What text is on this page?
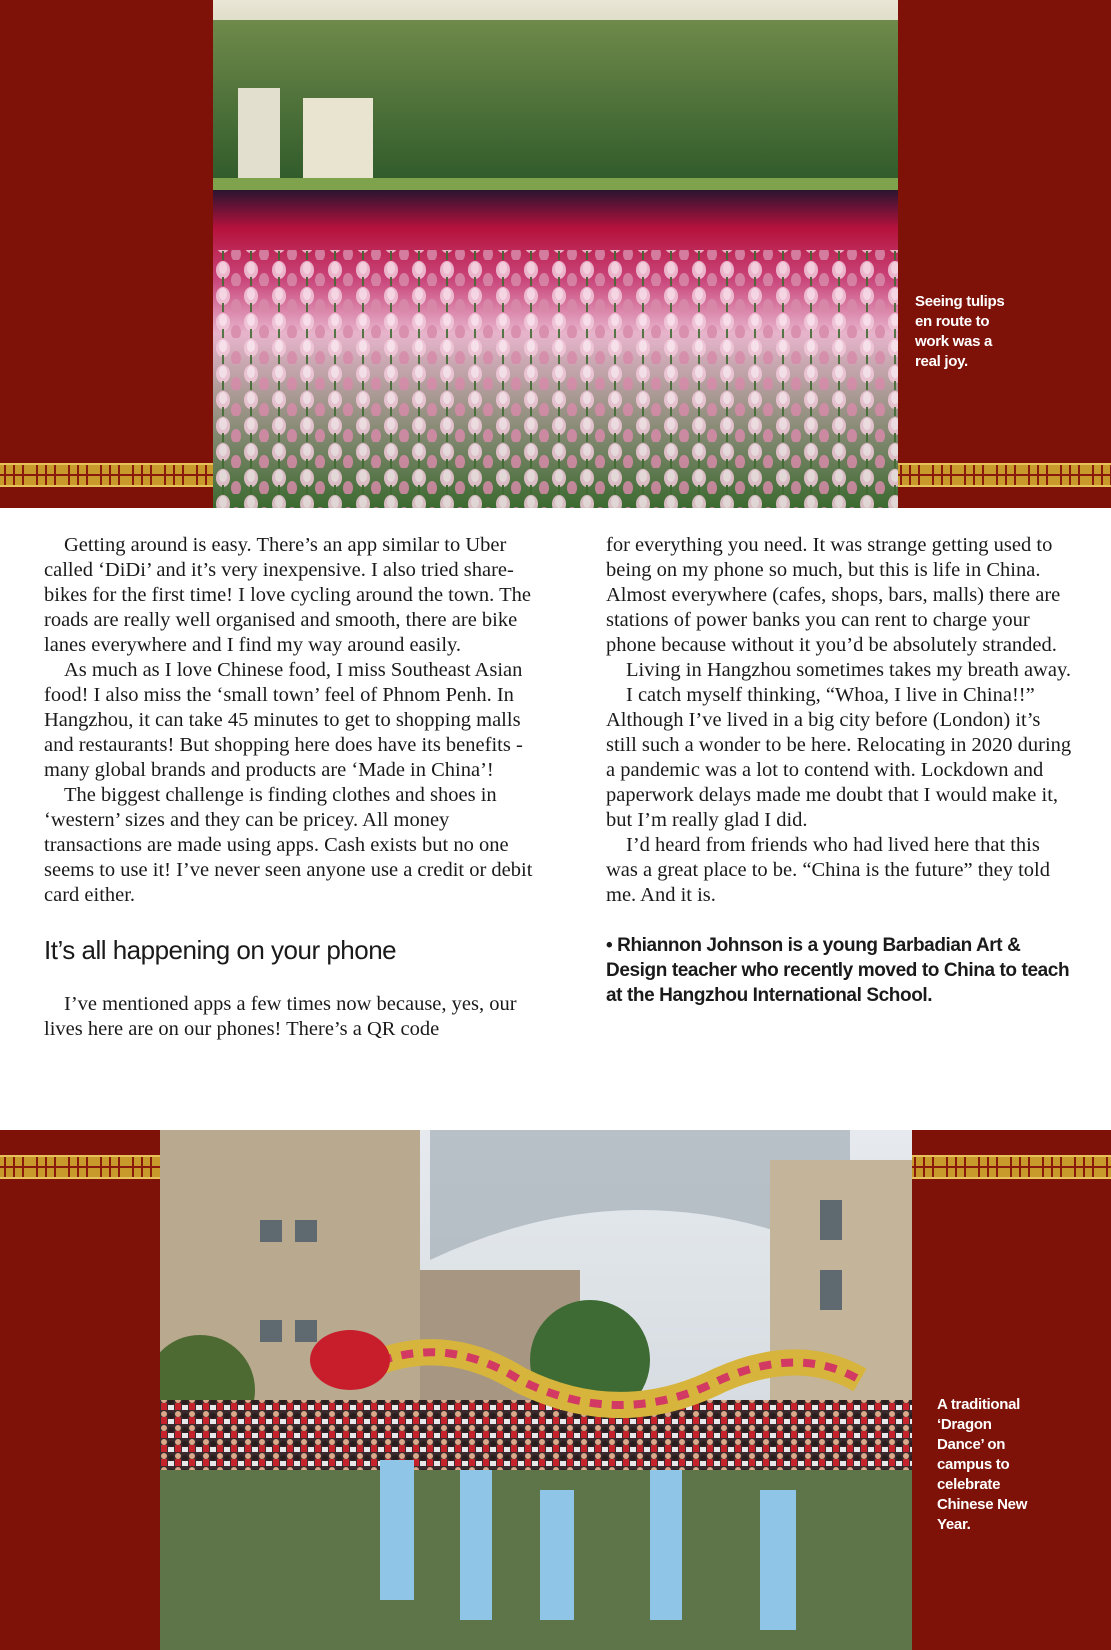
Seeing tulips
en route to
work was a
real joy.

Getting around is easy. There’s an app similar to Uber called ‘DiDi’ and it’s very inexpensive. I also tried share-bikes for the first time! I love cycling around the town. The roads are really well organised and smooth, there are bike lanes everywhere and I find my way around easily.

As much as I love Chinese food, I miss Southeast Asian food! I also miss the ‘small town’ feel of Phnom Penh. In Hangzhou, it can take 45 minutes to get to shopping malls and restaurants! But shopping here does have its benefits - many global brands and products are ‘Made in China’!

The biggest challenge is finding clothes and shoes in ‘western’ sizes and they can be pricey. All money transactions are made using apps. Cash exists but no one seems to use it! I’ve never seen anyone use a credit or debit card either.

It’s all happening on your phone

I’ve mentioned apps a few times now because, yes, our lives here are on our phones! There’s a QR code

for everything you need. It was strange getting used to being on my phone so much, but this is life in China. Almost everywhere (cafes, shops, bars, malls) there are stations of power banks you can rent to charge your phone because without it you’d be absolutely stranded.

Living in Hangzhou sometimes takes my breath away.

I catch myself thinking, “Whoa, I live in China!!” Although I’ve lived in a big city before (London) it’s still such a wonder to be here. Relocating in 2020 during a pandemic was a lot to contend with. Lockdown and paperwork delays made me doubt that I would make it, but I’m really glad I did.

I’d heard from friends who had lived here that this was a great place to be. “China is the future” they told me. And it is.

• Rhiannon Johnson is a young Barbadian Art & Design teacher who recently moved to China to teach at the Hangzhou International School.
A traditional
‘Dragon
Dance’ on
campus to
celebrate
Chinese New
Year.
